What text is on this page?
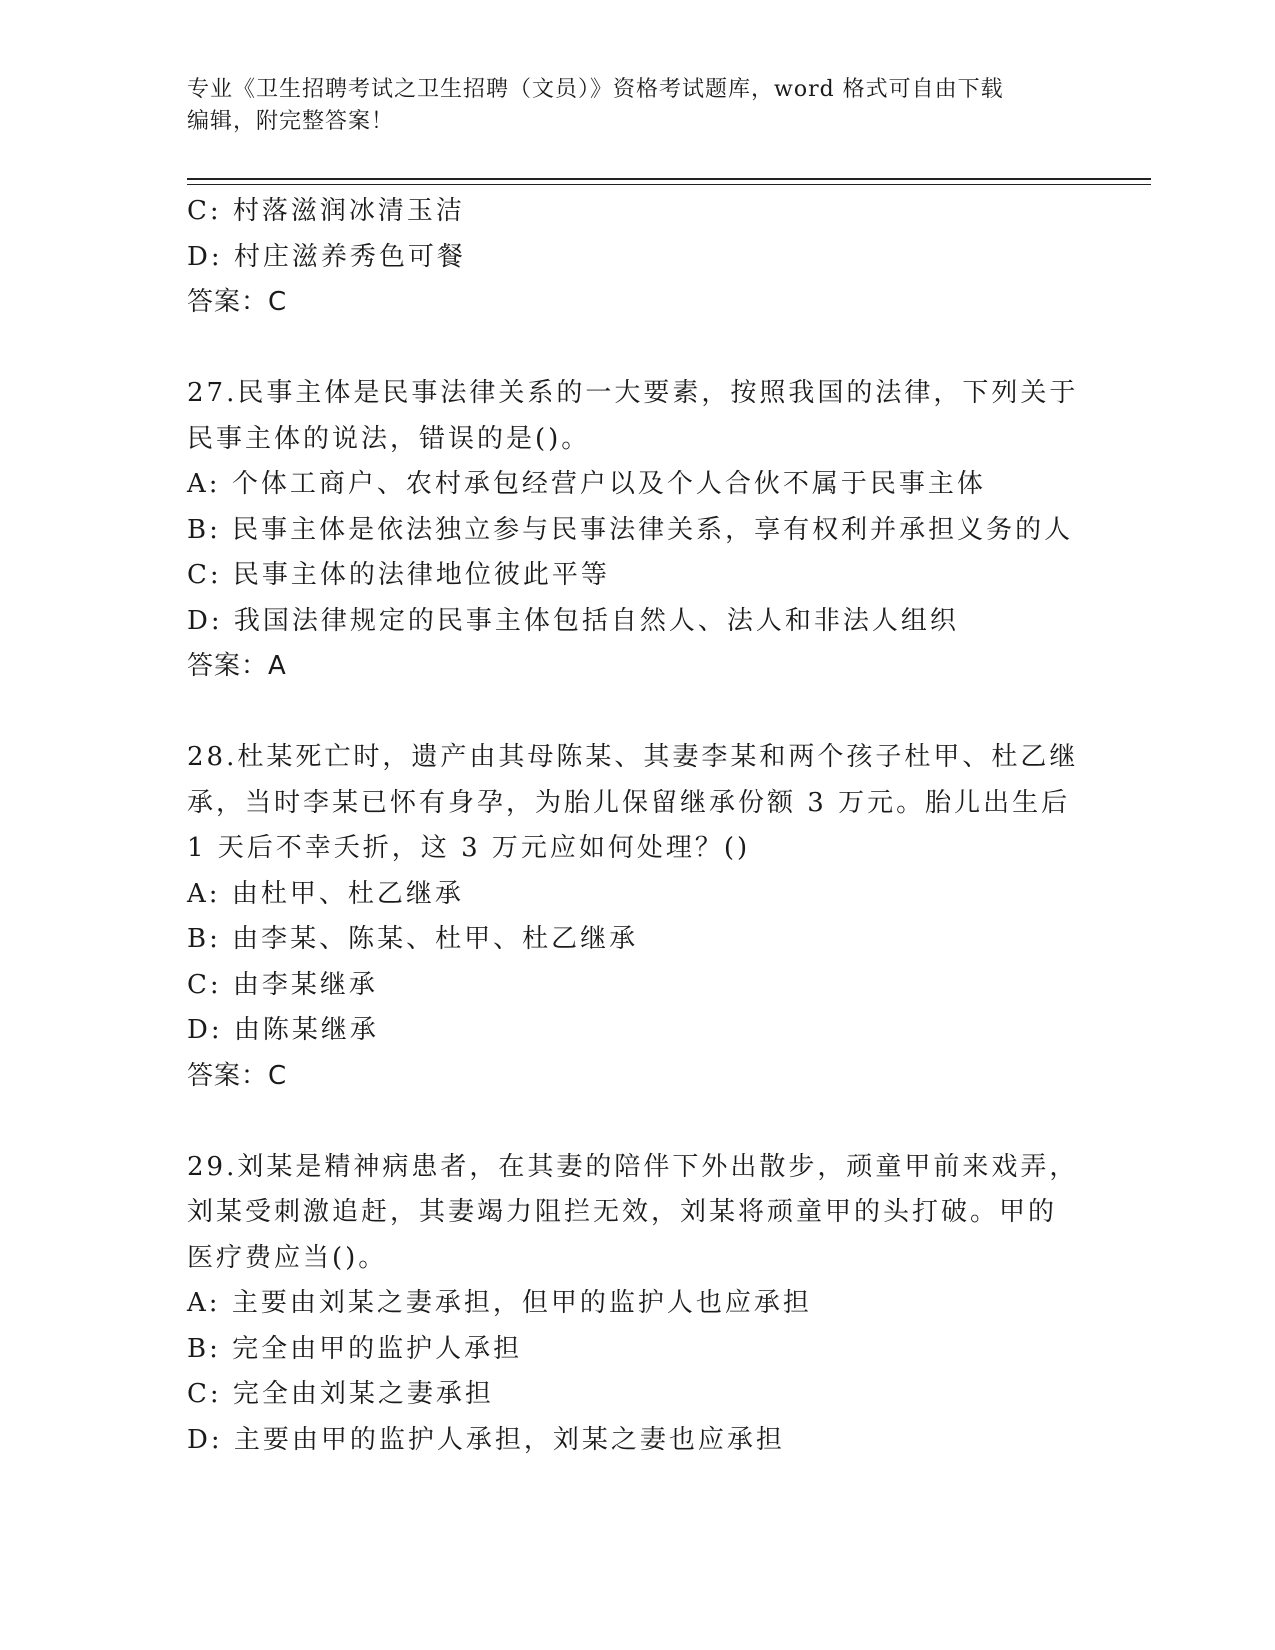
专业《卫生招聘考试之卫生招聘（文员）》资格考试题库，word 格式可自由下载
编辑，附完整答案！
C: 村落滋润冰清玉洁
D: 村庄滋养秀色可餐
答案：C
27.民事主体是民事法律关系的一大要素，按照我国的法律，下列关于
民事主体的说法，错误的是()。
A: 个体工商户、农村承包经营户以及个人合伙不属于民事主体
B: 民事主体是依法独立参与民事法律关系，享有权利并承担义务的人
C: 民事主体的法律地位彼此平等
D: 我国法律规定的民事主体包括自然人、法人和非法人组织
答案：A
28.杜某死亡时，遗产由其母陈某、其妻李某和两个孩子杜甲、杜乙继
承，当时李某已怀有身孕，为胎儿保留继承份额 3 万元。胎儿出生后
1 天后不幸夭折，这 3 万元应如何处理？()
A: 由杜甲、杜乙继承
B: 由李某、陈某、杜甲、杜乙继承
C: 由李某继承
D: 由陈某继承
答案：C
29.刘某是精神病患者，在其妻的陪伴下外出散步，顽童甲前来戏弄，
刘某受刺激追赶，其妻竭力阻拦无效，刘某将顽童甲的头打破。甲的
医疗费应当()。
A: 主要由刘某之妻承担，但甲的监护人也应承担
B: 完全由甲的监护人承担
C: 完全由刘某之妻承担
D: 主要由甲的监护人承担，刘某之妻也应承担
